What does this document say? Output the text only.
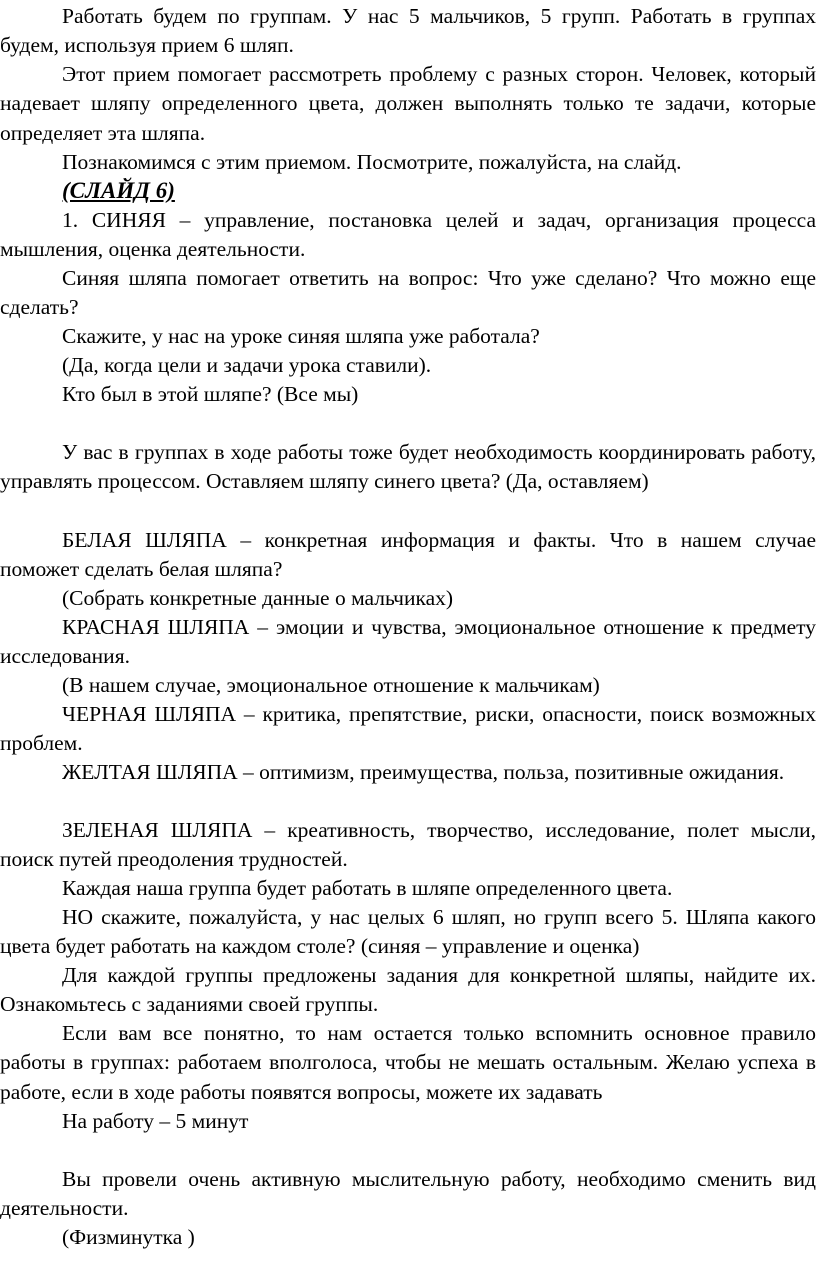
Работать будем по группам. У нас 5 мальчиков, 5 групп. Работать в группах будем, используя прием 6 шляп.

Этот прием помогает рассмотреть проблему с разных сторон. Человек, который надевает шляпу определенного цвета, должен выполнять только те задачи, которые определяет эта шляпа.

Познакомимся с этим приемом. Посмотрите, пожалуйста, на слайд.

(СЛАЙД 6)

1. СИНЯЯ – управление, постановка целей и задач, организация процесса мышления, оценка деятельности.

Синяя шляпа помогает ответить на вопрос: Что уже сделано? Что можно еще сделать?

Скажите, у нас на уроке синяя шляпа уже работала?

(Да, когда цели и задачи урока ставили).

Кто был в этой шляпе? (Все мы)

У вас в группах в ходе работы тоже будет необходимость координировать работу, управлять процессом. Оставляем шляпу синего цвета? (Да, оставляем)

БЕЛАЯ ШЛЯПА – конкретная информация и факты. Что в нашем случае поможет сделать белая шляпа?

(Собрать конкретные данные о мальчиках)

КРАСНАЯ ШЛЯПА – эмоции и чувства, эмоциональное отношение к предмету исследования.

(В нашем случае, эмоциональное отношение к мальчикам)

ЧЕРНАЯ ШЛЯПА – критика, препятствие, риски, опасности, поиск возможных проблем.

ЖЕЛТАЯ ШЛЯПА – оптимизм, преимущества, польза, позитивные ожидания.

ЗЕЛЕНАЯ ШЛЯПА – креативность, творчество, исследование, полет мысли, поиск путей преодоления трудностей.

Каждая наша группа будет работать в шляпе определенного цвета.

НО скажите, пожалуйста, у нас целых 6 шляп, но групп всего 5. Шляпа какого цвета будет работать на каждом столе? (синяя – управление и оценка)

Для каждой группы предложены задания для конкретной шляпы, найдите их. Ознакомьтесь с заданиями своей группы.

Если вам все понятно, то нам остается только вспомнить основное правило работы в группах: работаем вполголоса, чтобы не мешать остальным. Желаю успеха в работе, если в ходе работы появятся вопросы, можете их задавать

На работу – 5 минут

Вы провели очень активную мыслительную работу, необходимо сменить вид деятельности.

(Физминутка )
